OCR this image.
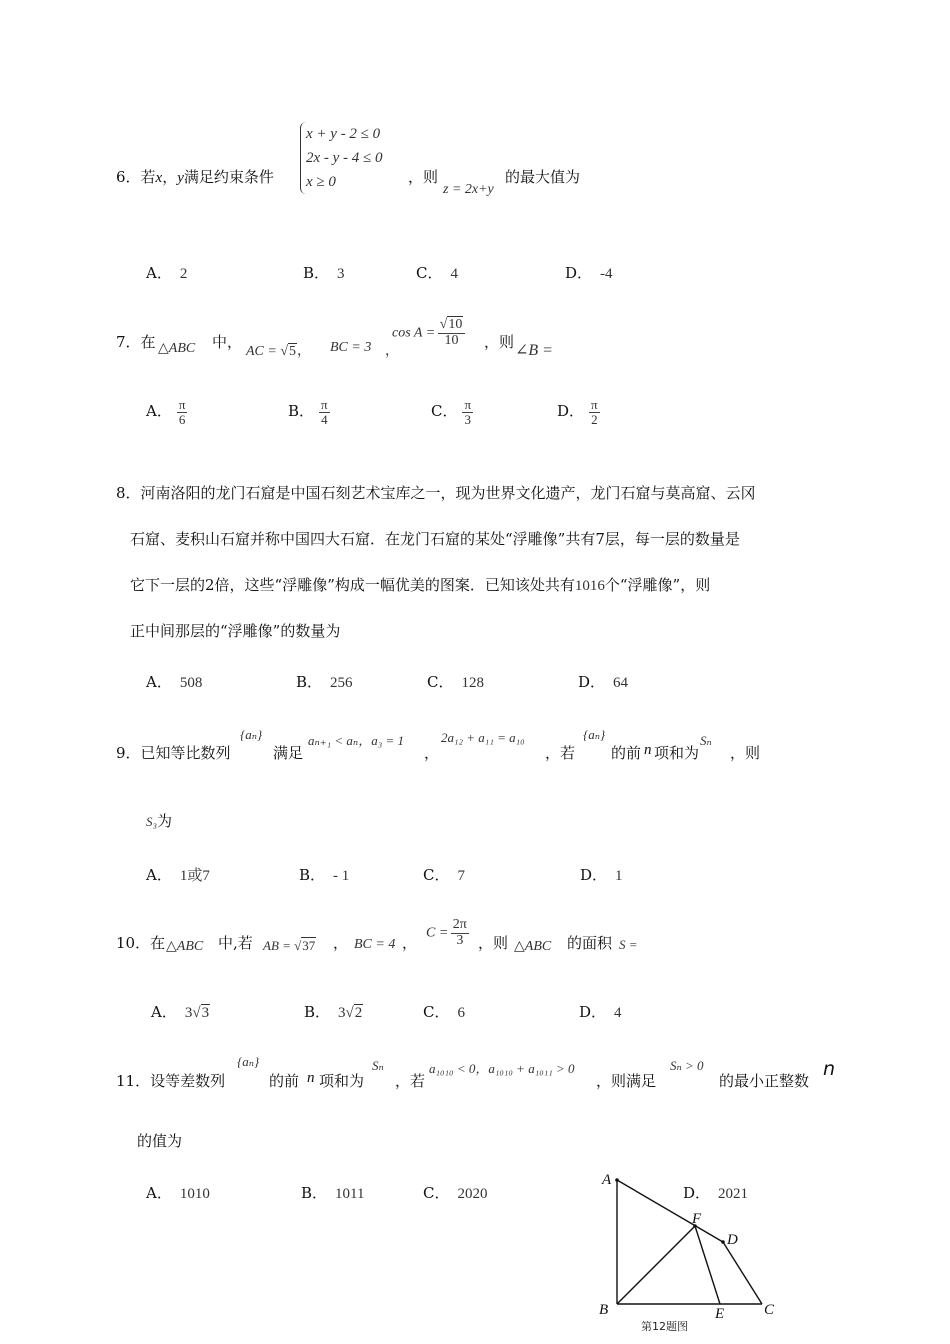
6．若x，y满足约束条件
x + y - 2 ≤ 0
2x - y - 4 ≤ 0
x ≥ 0	，则
z = 2x+y
的最大值为
A． 2	B． 3	C． 4	D． -4
7．在 △ABC 中，
AC = √5， BC = 3 ，
$\cos A = \frac{√10}{10}$ ，则 ∠B =
A． $\frac{\pi}{6}$	B． $\frac{\pi}{4}$	C． $\frac{\pi}{3}$	D． $\frac{\pi}{2}$
8．河南洛阳的龙门石窟是中国石刻艺术宝库之一，现为世界文化遗产，龙门石窟与莫高窟、云冈
石窟、麦积山石窟并称中国四大石窟．在龙门石窟的某处“浮雕像”共有7层，每一层的数量是
它下一层的2倍，这些“浮雕像”构成一幅优美的图案．已知该处共有1016个“浮雕像”，则
正中间那层的“浮雕像”的数量为
A． 508	B． 256	C． 128	D． 64
9．已知等比数列
{aₙ}
满足
aₙ₊₁ < aₙ，a₃ = 1
，
2a₁₂ + a₁₁ = a₁₀
，若
{aₙ}
的前 n 项和为
Sₙ
，则
S₃为
A． 1或7	B． - 1	C． 7	D． 1
10．在 △ABC 中,若 AB = √37 ， BC = 4 ，
$C = \frac{2\pi}{3}$ ，则 △ABC 的面积 S =
A． 3√3	B． 3√2	C． 6	D． 4
11．设等差数列
{aₙ}
的前 n 项和为
Sₙ
，若
a₁₀₁₀ < 0，a₁₀₁₀ + a₁₀₁₁ > 0
，则满足
Sₙ > 0
的最小正整数
n
的值为
A． 1010	B． 1011	C． 2020	D． 2021
A
B	C
D
E
F
第12题图
